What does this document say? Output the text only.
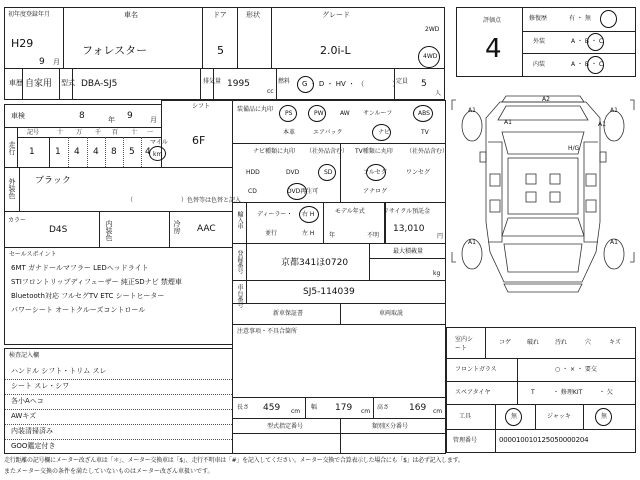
初年度登録年月
H29
9 月
車名
フォレスター
ドア
5
形状	グレード
2.0i-L
2WD
4WD
車歴 自家用 型式 DBA-SJ5	排気量 1995
cc
燃料 G ・ D ・ HV ・ （　　　　）
定員 5
人
車検	8	年 9 月
シフト
6F
走行
記号	十 万 千 百 十 一
1 1 4 4 8 5 4
マイル
km
外装色 ブラック
（　　　　　　　　）色替等は色替と記入
カラー
D4S	内装色	冷房 AAC
セールスポイント
6MT ガナドールマフラー LEDヘッドライト
STIフロントリップディフューザー 純正SDナビ 禁煙車
Bluetooth対応 フルセグTV ETC シートヒーター
パワーシート オートクルーズコントロール
検査記入欄
ハンドル シフト・トリム スレ
シート スレ・シワ
各小Aヘコ
AWキズ
内装清掃済み
GOO鑑定付き
装備品に丸印
PS	PW	AW サンルーフ	ABS
本革	エアバック	ナビ	TV
ナビ種類に丸印 （社外品含む） TV種類に丸印 （社外品含む）
HDD	DVD	SD
CD	DVD再生可
フルセグ	ワンセグ
アナログ
輸入車 ディーラー・
並行
右 H
左 H
モデル年式
年	不明
リサイクル預託金
13,010
円
登録番号	京都341ほ0720
最大積載量
kg
車台番号	SJ5-114039
新車保証書	車両取説
注意事項・不具合箇所
長さ 459 cm
幅 179 cm
高さ 169 cm
型式指定番号	類別区分番号
評価点
4
修復歴	有 ・ 無
外装	A ・ B ・ C
内装	A ・ B ・ C
A1
A2
A1
A1	A1
A1	A1
H/G
室内シート
コゲ	破れ	汚れ	穴	キズ
フロントガラス	○ ・ × ・ 要交
スペアタイヤ	T	・ 修理KIT	・ 欠
工具	無	ジャッキ	無
管理番号	000010010125050000204
走行距離の記号欄にメーター改ざん車は「＊」、メーター交換車は「$」、走行不明車は「#」を記入してください。メーター交換で合算表示した場合にも「$」は必ず記入します。
またメーター交換の条件を満たしていないものはメーター改ざん車扱いです。
